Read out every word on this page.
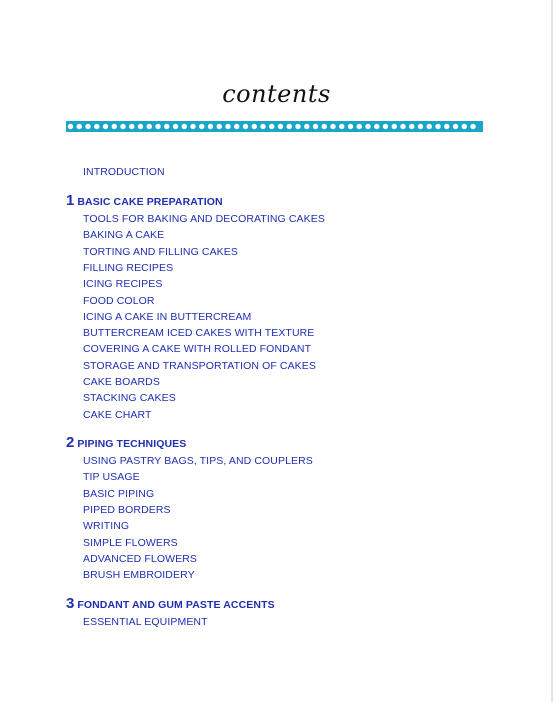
contents
INTRODUCTION
1 BASIC CAKE PREPARATION
TOOLS FOR BAKING AND DECORATING CAKES
BAKING A CAKE
TORTING AND FILLING CAKES
FILLING RECIPES
ICING RECIPES
FOOD COLOR
ICING A CAKE IN BUTTERCREAM
BUTTERCREAM ICED CAKES WITH TEXTURE
COVERING A CAKE WITH ROLLED FONDANT
STORAGE AND TRANSPORTATION OF CAKES
CAKE BOARDS
STACKING CAKES
CAKE CHART
2 PIPING TECHNIQUES
USING PASTRY BAGS, TIPS, AND COUPLERS
TIP USAGE
BASIC PIPING
PIPED BORDERS
WRITING
SIMPLE FLOWERS
ADVANCED FLOWERS
BRUSH EMBROIDERY
3 FONDANT AND GUM PASTE ACCENTS
ESSENTIAL EQUIPMENT
